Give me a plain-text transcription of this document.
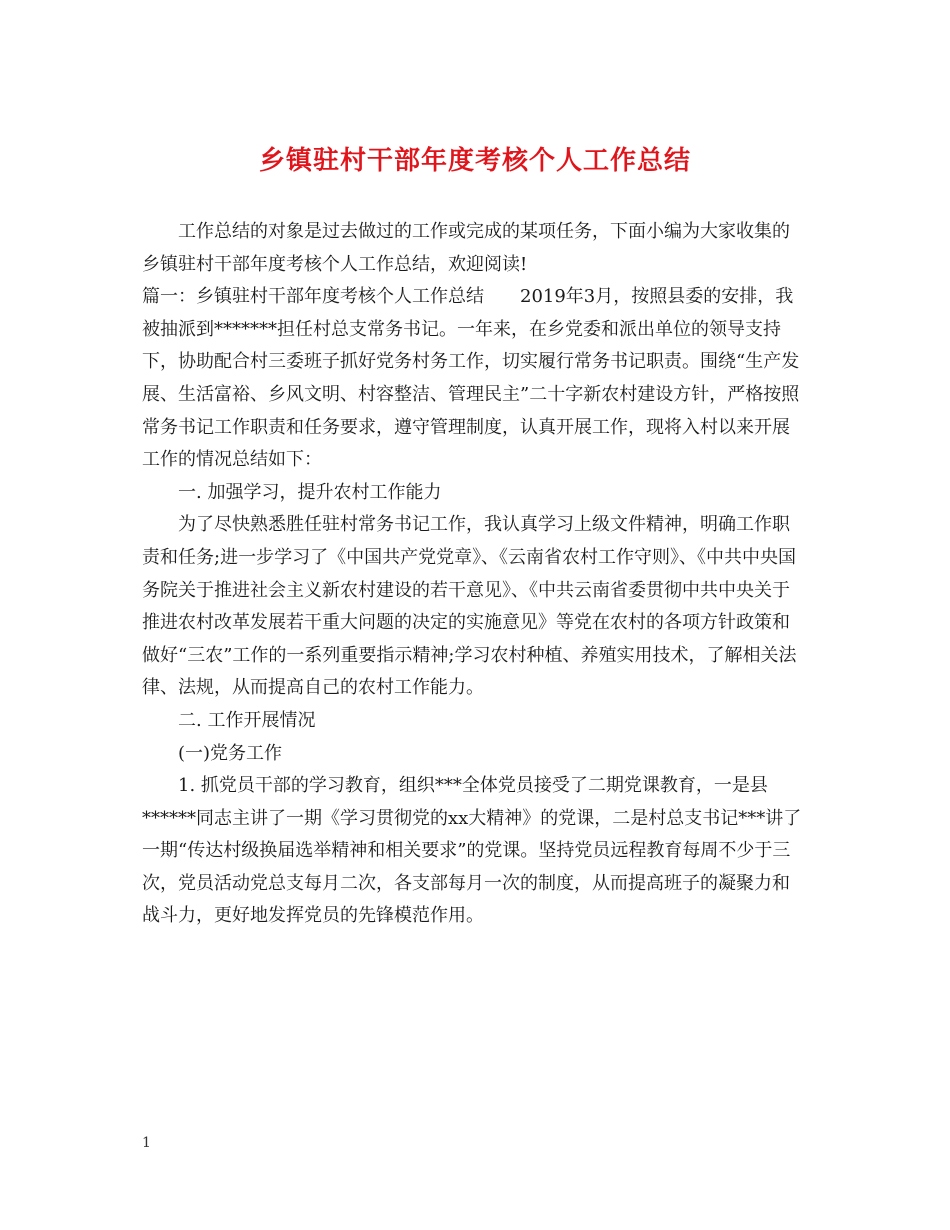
乡镇驻村干部年度考核个人工作总结

工作总结的对象是过去做过的工作或完成的某项任务，下面小编为大家收集的乡镇驻村干部年度考核个人工作总结，欢迎阅读!

篇一：乡镇驻村干部年度考核个人工作总结　　2019年3月，按照县委的安排，我被抽派到*******担任村总支常务书记。一年来，在乡党委和派出单位的领导支持下，协助配合村三委班子抓好党务村务工作，切实履行常务书记职责。围绕“生产发展、生活富裕、乡风文明、村容整洁、管理民主”二十字新农村建设方针，严格按照常务书记工作职责和任务要求，遵守管理制度，认真开展工作，现将入村以来开展工作的情况总结如下：

一. 加强学习，提升农村工作能力

为了尽快熟悉胜任驻村常务书记工作，我认真学习上级文件精神，明确工作职责和任务;进一步学习了《中国共产党党章》、《云南省农村工作守则》、《中共中央国务院关于推进社会主义新农村建设的若干意见》、《中共云南省委贯彻中共中央关于推进农村改革发展若干重大问题的决定的实施意见》等党在农村的各项方针政策和做好“三农”工作的一系列重要指示精神;学习农村种植、养殖实用技术，了解相关法律、法规，从而提高自己的农村工作能力。

二. 工作开展情况

(一)党务工作

1. 抓党员干部的学习教育，组织***全体党员接受了二期党课教育，一是县******同志主讲了一期《学习贯彻党的xx大精神》的党课，二是村总支书记***讲了一期“传达村级换届选举精神和相关要求”的党课。坚持党员远程教育每周不少于三次，党员活动党总支每月二次，各支部每月一次的制度，从而提高班子的凝聚力和战斗力，更好地发挥党员的先锋模范作用。

1
